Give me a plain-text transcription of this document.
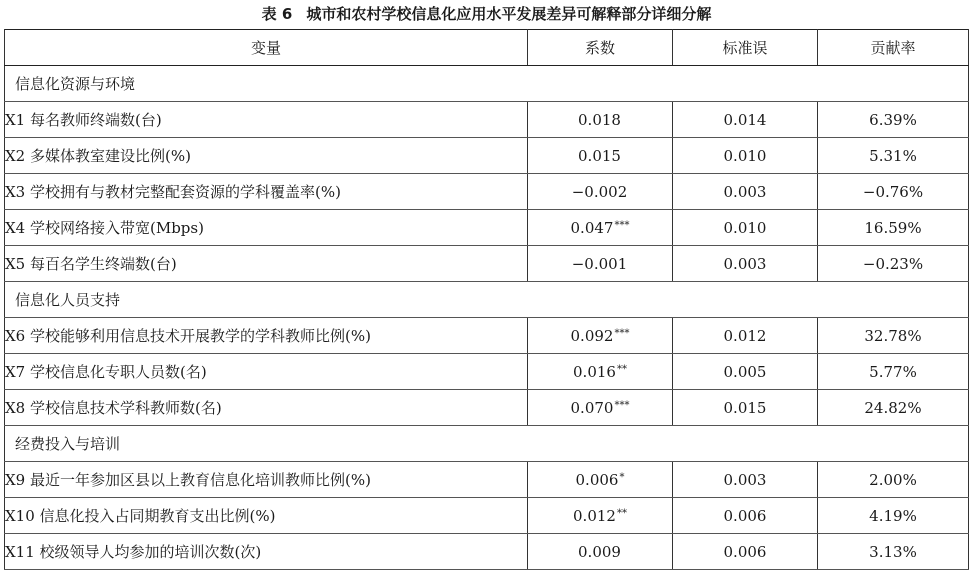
表 6 城市和农村学校信息化应用水平发展差异可解释部分详细分解
变量	系数	标准误	贡献率
信息化资源与环境			
X1 每名教师终端数(台)	0.018	0.014	6.39%
X2 多媒体教室建设比例(%)	0.015	0.010	5.31%
X3 学校拥有与教材完整配套资源的学科覆盖率(%)	−0.002	0.003	−0.76%
X4 学校网络接入带宽(Mbps)	0.047***	0.010	16.59%
X5 每百名学生终端数(台)	−0.001	0.003	−0.23%
信息化人员支持			
X6 学校能够利用信息技术开展教学的学科教师比例(%)	0.092***	0.012	32.78%
X7 学校信息化专职人员数(名)	0.016**	0.005	5.77%
X8 学校信息技术学科教师数(名)	0.070***	0.015	24.82%
经费投入与培训			
X9 最近一年参加区县以上教育信息化培训教师比例(%)	0.006*	0.003	2.00%
X10 信息化投入占同期教育支出比例(%)	0.012**	0.006	4.19%
X11 校级领导人均参加的培训次数(次)	0.009	0.006	3.13%
